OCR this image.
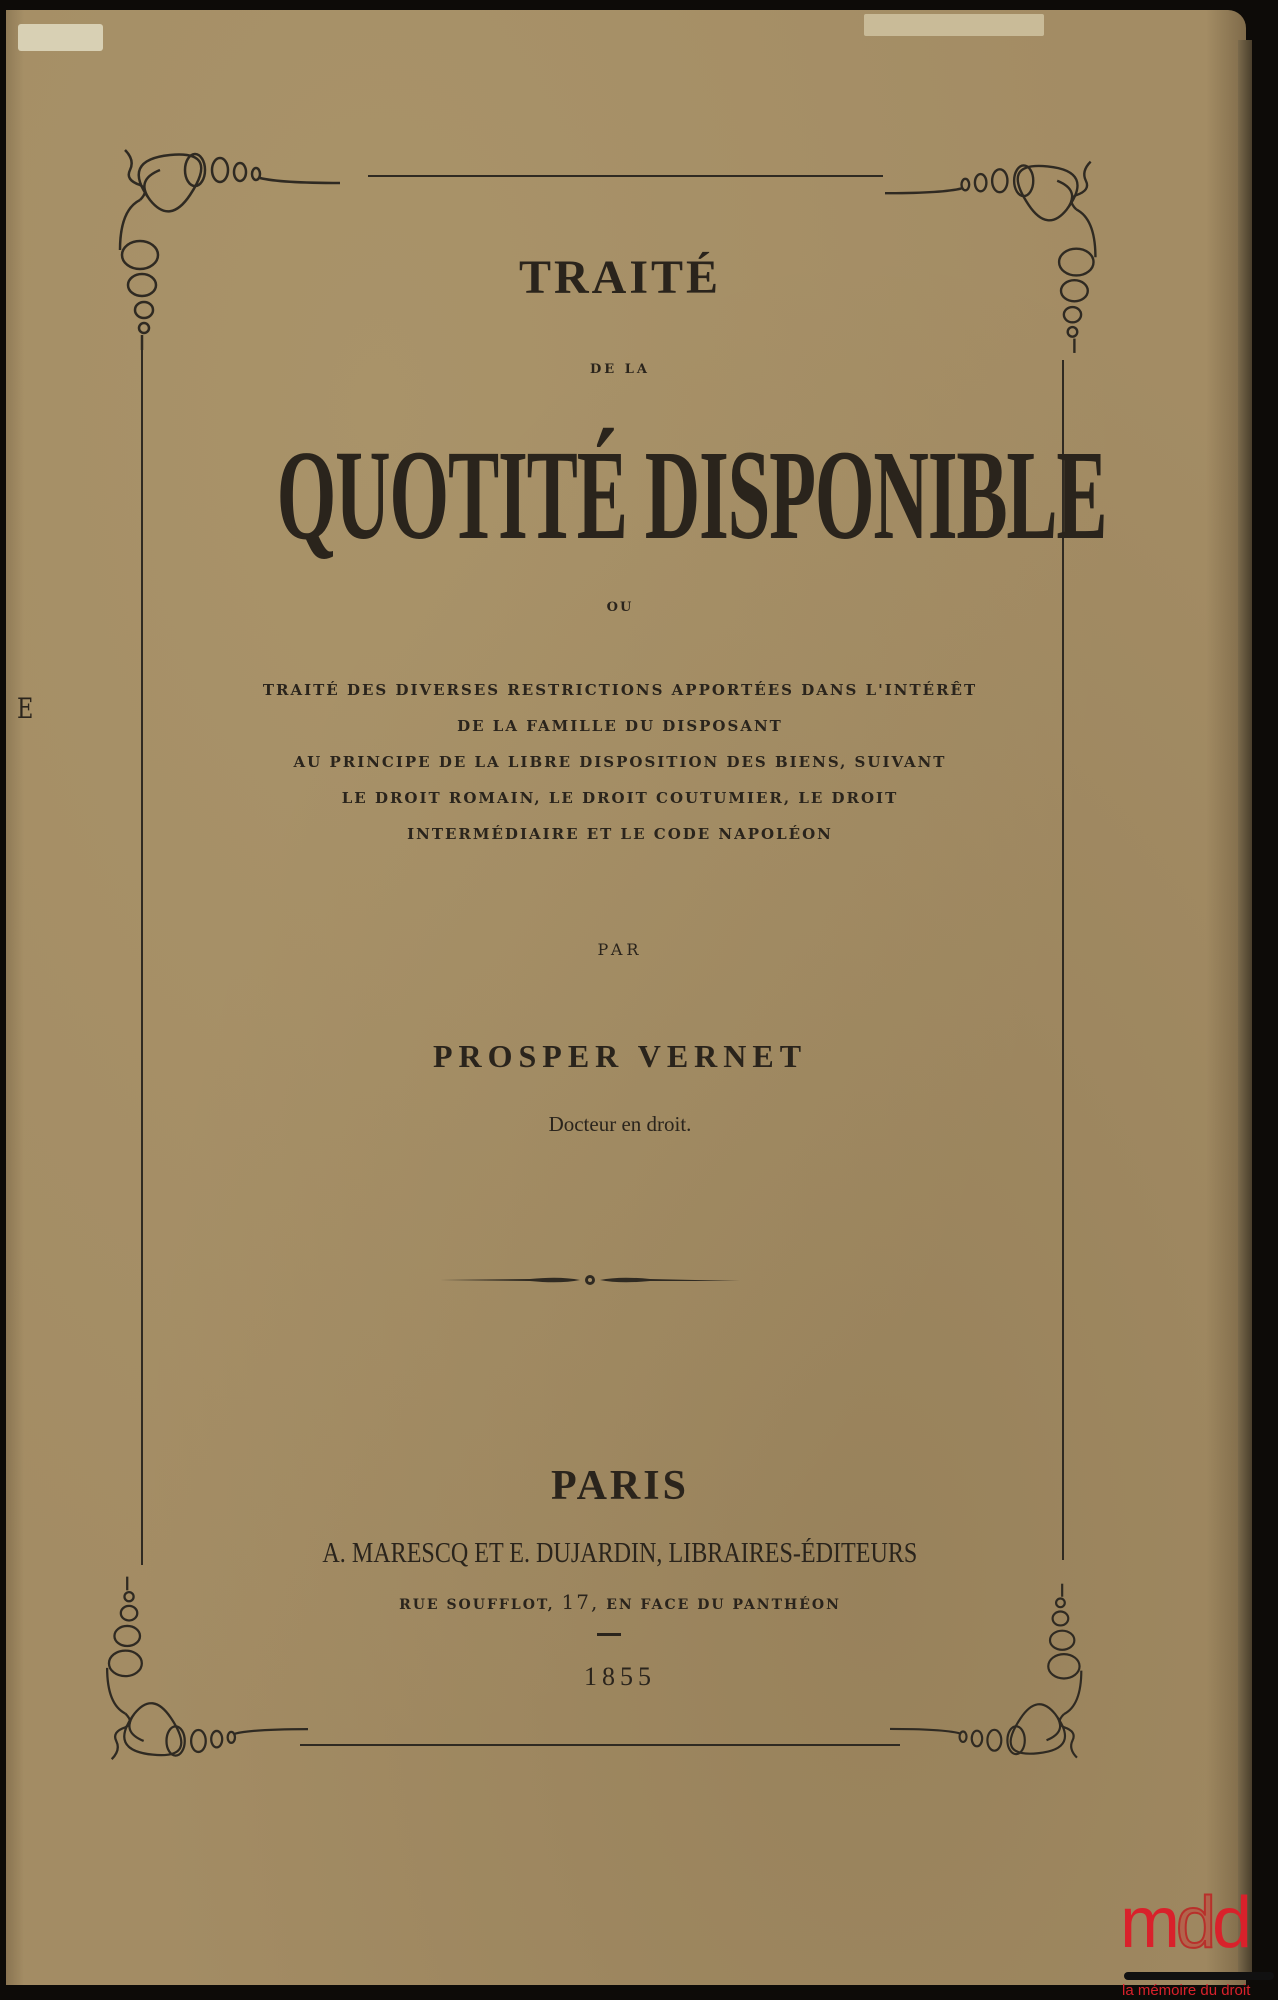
E
TRAITÉ
DE LA
QUOTITÉ DISPONIBLE
OU
TRAITÉ DES DIVERSES RESTRICTIONS APPORTÉES DANS L'INTÉRÊT
DE LA FAMILLE DU DISPOSANT
AU PRINCIPE DE LA LIBRE DISPOSITION DES BIENS, SUIVANT
LE DROIT ROMAIN, LE DROIT COUTUMIER, LE DROIT
INTERMÉDIAIRE ET LE CODE NAPOLÉON
PAR
PROSPER VERNET
Docteur en droit.
PARIS
A. MARESCQ ET E. DUJARDIN, LIBRAIRES-ÉDITEURS
RUE SOUFFLOT, 17, EN FACE DU PANTHÉON
1855
mdd
la mémoire du droit
